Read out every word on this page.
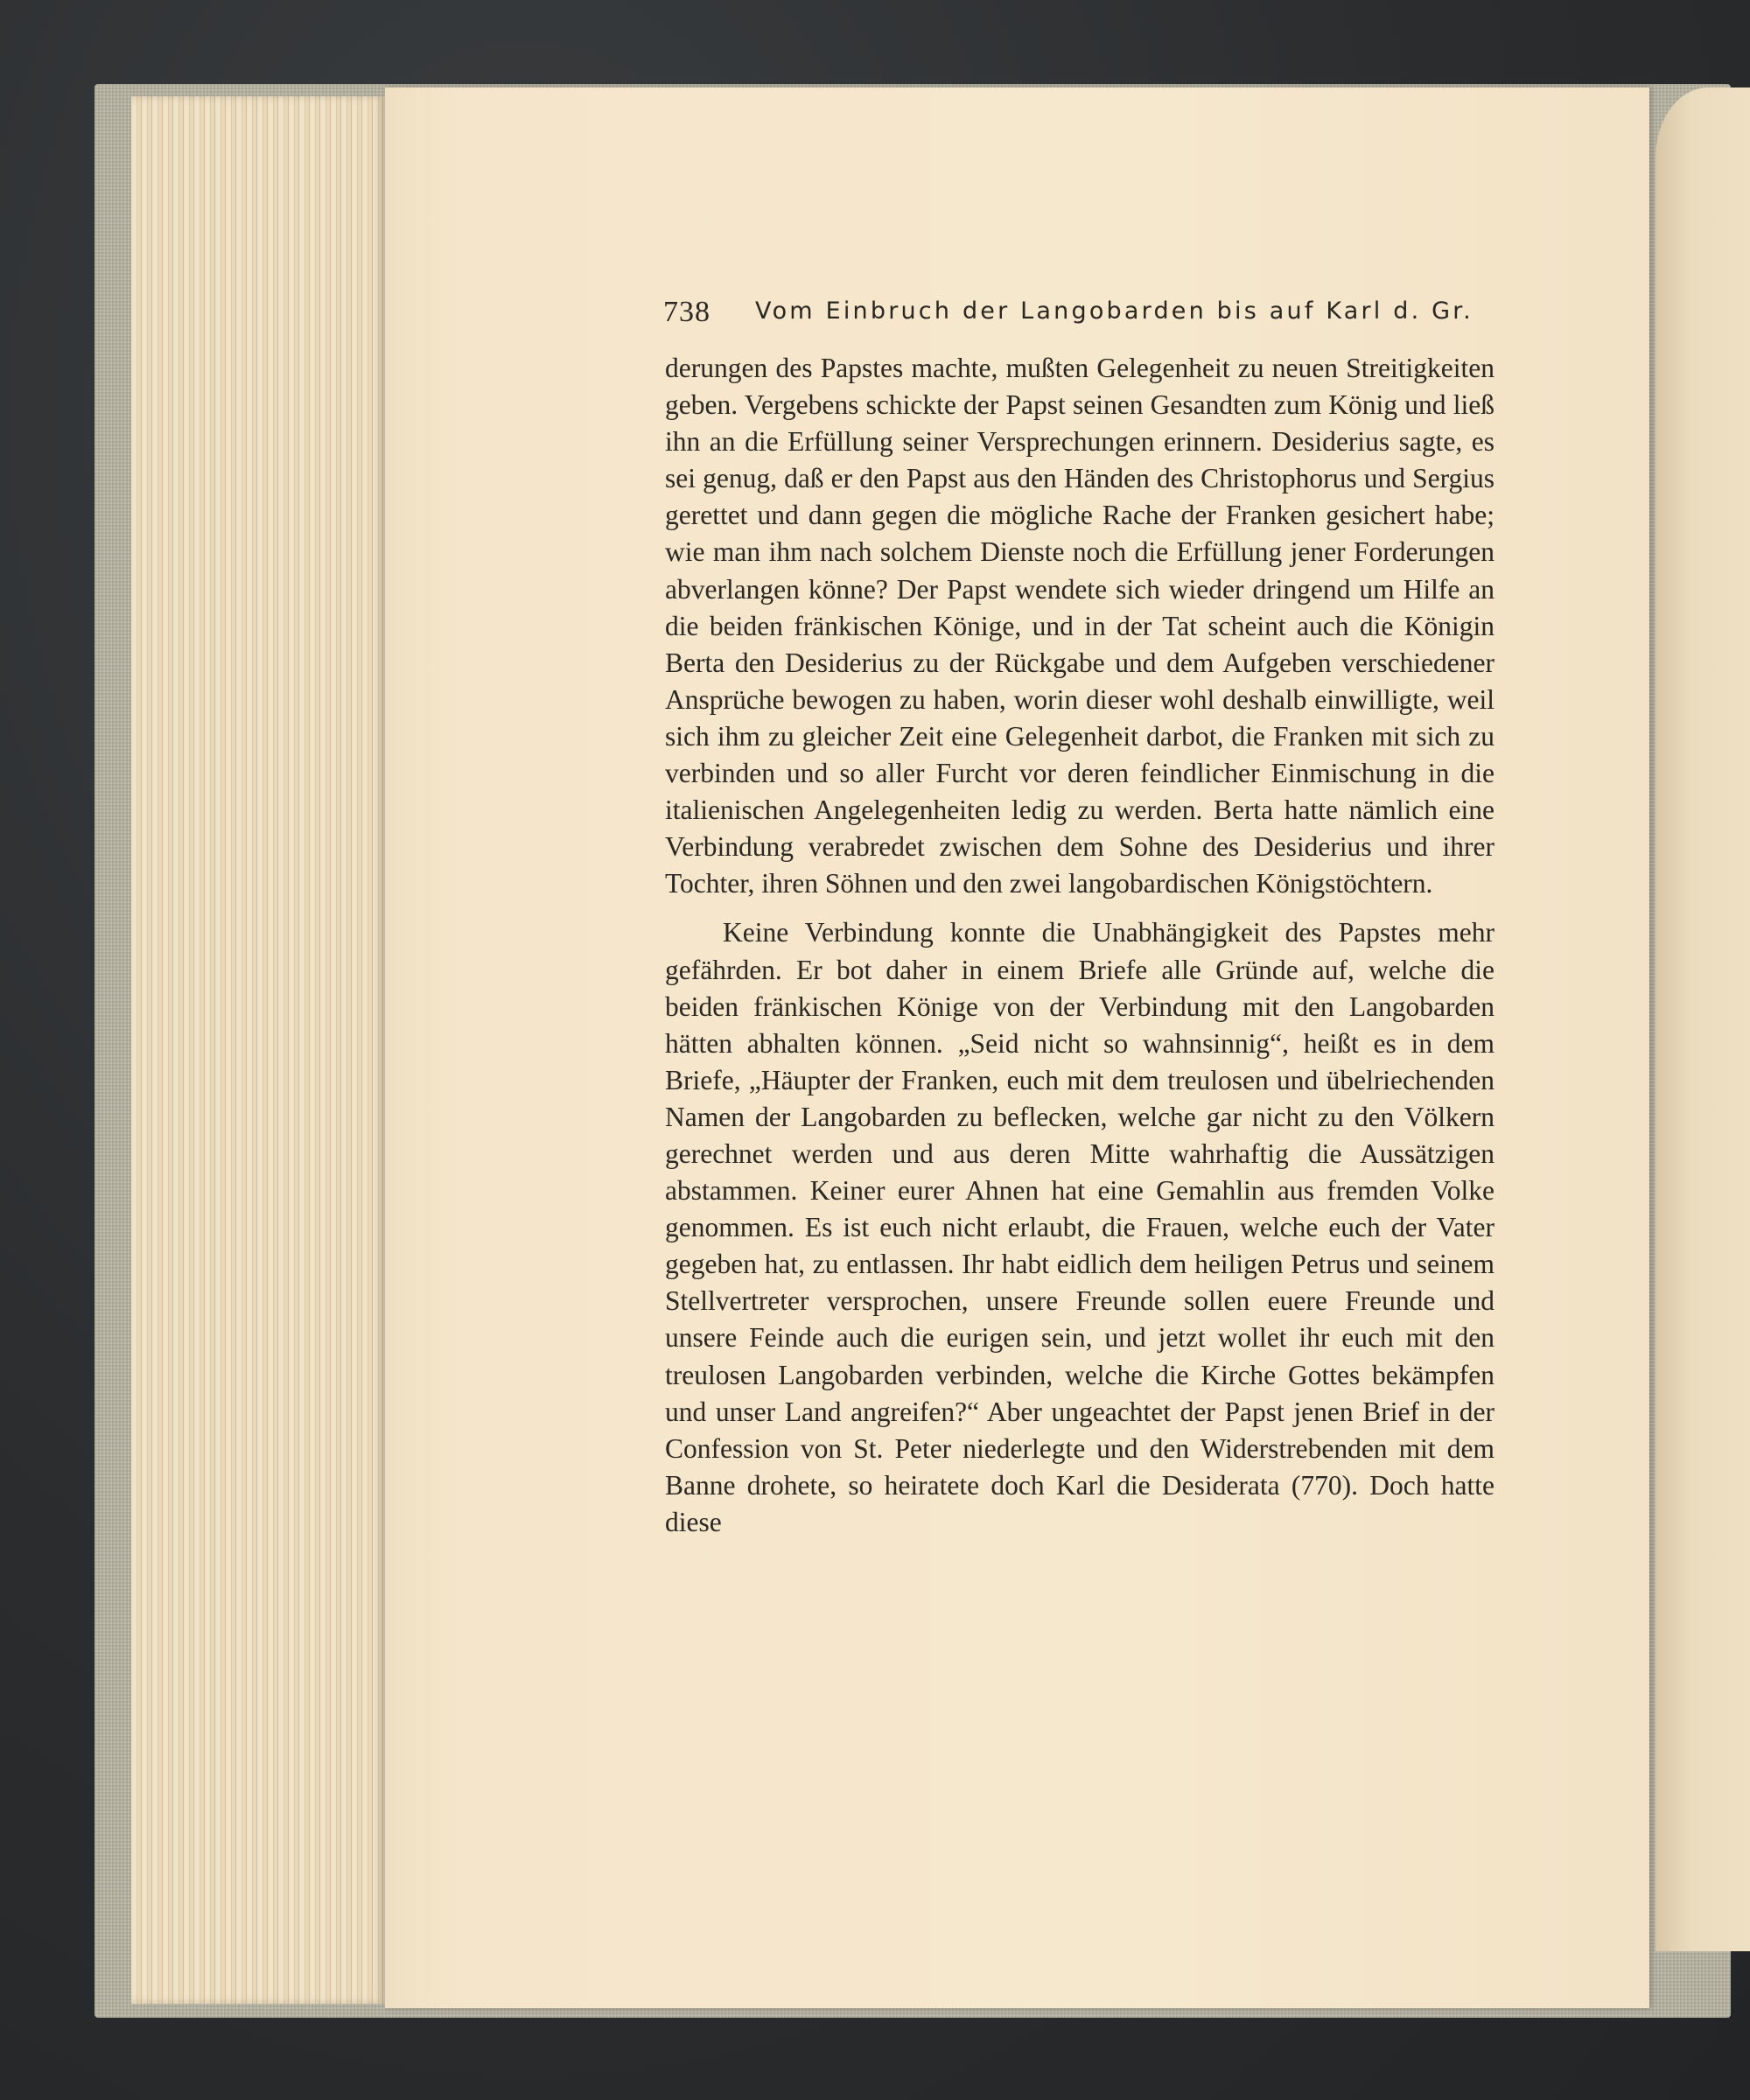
738 Vom Einbruch der Langobarden bis auf Karl d. Gr.

derungen des Papstes machte, mußten Gelegenheit zu neuen Streitigkeiten geben. Vergebens schickte der Papst seinen Gesandten zum König und ließ ihn an die Erfüllung seiner Versprechungen erinnern. Desiderius sagte, es sei genug, daß er den Papst aus den Händen des Christophorus und Sergius gerettet und dann gegen die mögliche Rache der Franken gesichert habe; wie man ihm nach solchem Dienste noch die Erfüllung jener Forderungen abverlangen könne? Der Papst wendete sich wieder dringend um Hilfe an die beiden fränkischen Könige, und in der Tat scheint auch die Königin Berta den Desiderius zu der Rückgabe und dem Aufgeben verschiedener Ansprüche bewogen zu haben, worin dieser wohl deshalb einwilligte, weil sich ihm zu gleicher Zeit eine Gelegenheit darbot, die Franken mit sich zu verbinden und so aller Furcht vor deren feindlicher Einmischung in die italienischen Angelegenheiten ledig zu werden. Berta hatte nämlich eine Verbindung verabredet zwischen dem Sohne des Desiderius und ihrer Tochter, ihren Söhnen und den zwei langobardischen Königstöchtern.

Keine Verbindung konnte die Unabhängigkeit des Papstes mehr gefährden. Er bot daher in einem Briefe alle Gründe auf, welche die beiden fränkischen Könige von der Verbindung mit den Langobarden hätten abhalten können. „Seid nicht so wahnsinnig“, heißt es in dem Briefe, „Häupter der Franken, euch mit dem treulosen und übelriechenden Namen der Langobarden zu beflecken, welche gar nicht zu den Völkern gerechnet werden und aus deren Mitte wahrhaftig die Aussätzigen abstammen. Keiner eurer Ahnen hat eine Gemahlin aus fremden Volke genommen. Es ist euch nicht erlaubt, die Frauen, welche euch der Vater gegeben hat, zu entlassen. Ihr habt eidlich dem heiligen Petrus und seinem Stellvertreter versprochen, unsere Freunde sollen euere Freunde und unsere Feinde auch die eurigen sein, und jetzt wollet ihr euch mit den treulosen Langobarden verbinden, welche die Kirche Gottes bekämpfen und unser Land angreifen?“ Aber ungeachtet der Papst jenen Brief in der Confession von St. Peter niederlegte und den Widerstrebenden mit dem Banne drohete, so heiratete doch Karl die Desiderata (770). Doch hatte diese
